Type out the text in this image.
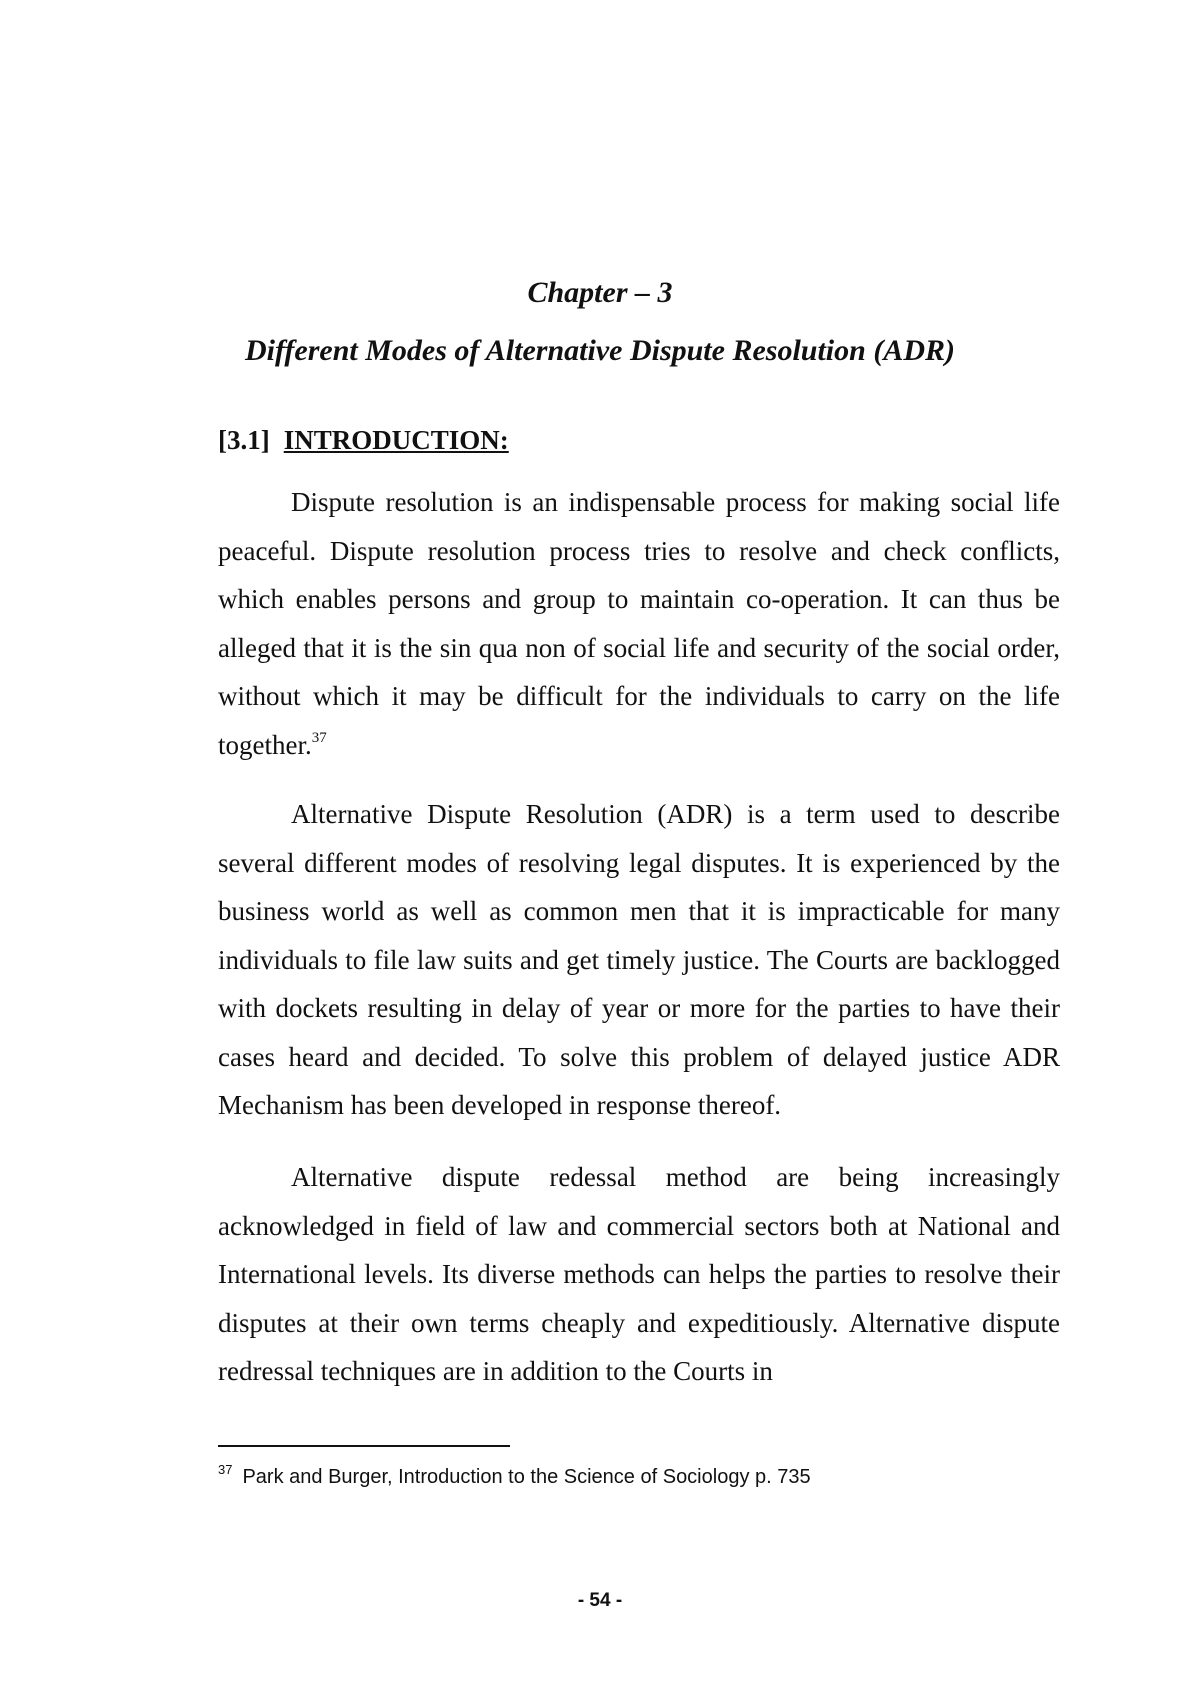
Chapter – 3
Different Modes of Alternative Dispute Resolution (ADR)
[3.1] INTRODUCTION:

Dispute resolution is an indispensable process for making social life peaceful. Dispute resolution process tries to resolve and check conflicts, which enables persons and group to maintain co-operation. It can thus be alleged that it is the sin qua non of social life and security of the social order, without which it may be difficult for the individuals to carry on the life together.$^{37}$

Alternative Dispute Resolution (ADR) is a term used to describe several different modes of resolving legal disputes. It is experienced by the business world as well as common men that it is impracticable for many individuals to file law suits and get timely justice. The Courts are backlogged with dockets resulting in delay of year or more for the parties to have their cases heard and decided. To solve this problem of delayed justice ADR Mechanism has been developed in response thereof.

Alternative dispute redessal method are being increasingly acknowledged in field of law and commercial sectors both at National and International levels. Its diverse methods can helps the parties to resolve their disputes at their own terms cheaply and expeditiously. Alternative dispute redressal techniques are in addition to the Courts in

$^{37}$ Park and Burger, Introduction to the Science of Sociology p. 735
- 54 -
